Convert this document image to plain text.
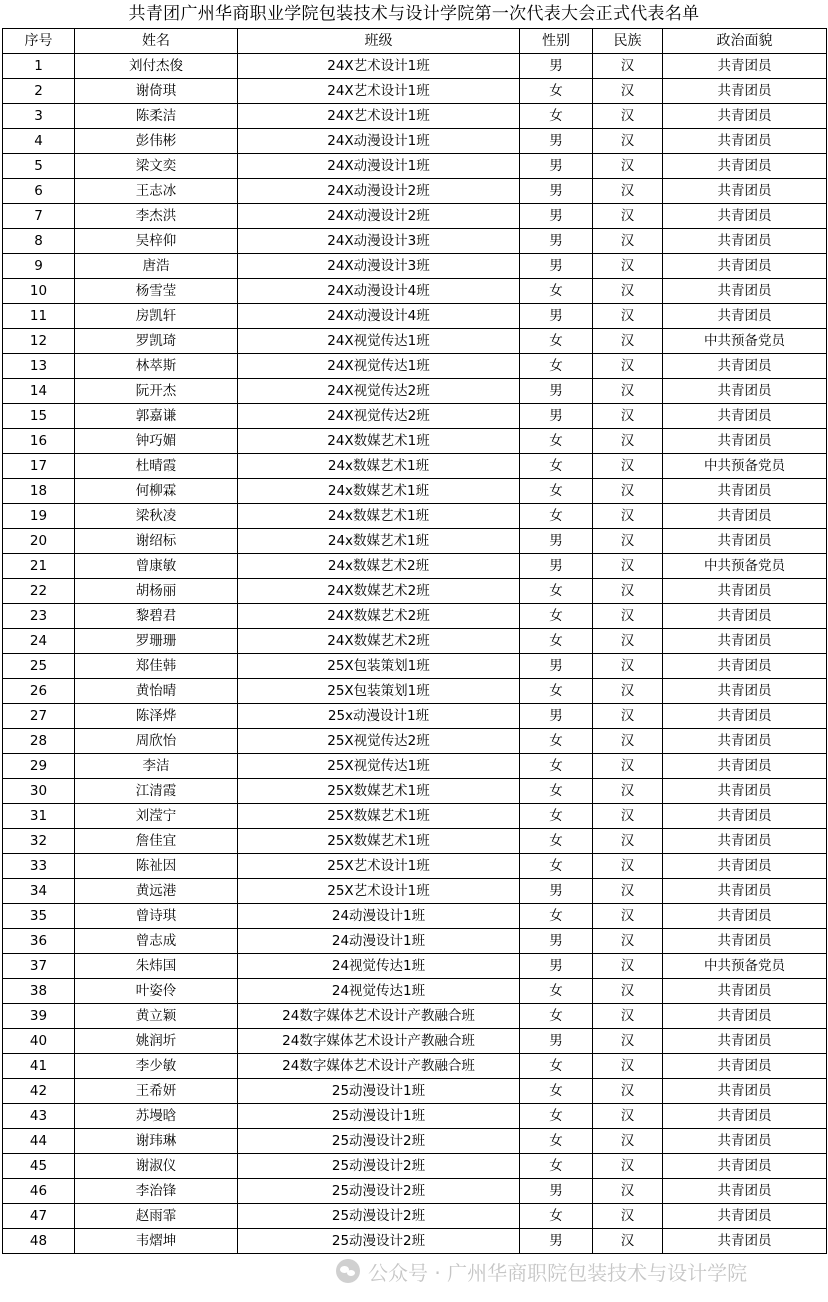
共青团广州华商职业学院包装技术与设计学院第一次代表大会正式代表名单
序号	姓名	班级	性别	民族	政治面貌
1	刘付杰俊	24X艺术设计1班	男	汉	共青团员
2	谢倚琪	24X艺术设计1班	女	汉	共青团员
3	陈柔洁	24X艺术设计1班	女	汉	共青团员
4	彭伟彬	24X动漫设计1班	男	汉	共青团员
5	梁文奕	24X动漫设计1班	男	汉	共青团员
6	王志冰	24X动漫设计2班	男	汉	共青团员
7	李杰洪	24X动漫设计2班	男	汉	共青团员
8	吴梓仰	24X动漫设计3班	男	汉	共青团员
9	唐浩	24X动漫设计3班	男	汉	共青团员
10	杨雪莹	24X动漫设计4班	女	汉	共青团员
11	房凯轩	24X动漫设计4班	男	汉	共青团员
12	罗凯琦	24X视觉传达1班	女	汉	中共预备党员
13	林萃斯	24X视觉传达1班	女	汉	共青团员
14	阮开杰	24X视觉传达2班	男	汉	共青团员
15	郭嘉谦	24X视觉传达2班	男	汉	共青团员
16	钟巧媚	24X数媒艺术1班	女	汉	共青团员
17	杜晴霞	24x数媒艺术1班	女	汉	中共预备党员
18	何柳霖	24x数媒艺术1班	女	汉	共青团员
19	梁秋凌	24x数媒艺术1班	女	汉	共青团员
20	谢绍标	24x数媒艺术1班	男	汉	共青团员
21	曾康敏	24x数媒艺术2班	男	汉	中共预备党员
22	胡杨丽	24X数媒艺术2班	女	汉	共青团员
23	黎碧君	24X数媒艺术2班	女	汉	共青团员
24	罗珊珊	24X数媒艺术2班	女	汉	共青团员
25	郑佳韩	25X包装策划1班	男	汉	共青团员
26	黄怡晴	25X包装策划1班	女	汉	共青团员
27	陈泽烨	25x动漫设计1班	男	汉	共青团员
28	周欣怡	25X视觉传达2班	女	汉	共青团员
29	李洁	25X视觉传达1班	女	汉	共青团员
30	江清霞	25X数媒艺术1班	女	汉	共青团员
31	刘滢宁	25X数媒艺术1班	女	汉	共青团员
32	詹佳宜	25X数媒艺术1班	女	汉	共青团员
33	陈祉因	25X艺术设计1班	女	汉	共青团员
34	黄远港	25X艺术设计1班	男	汉	共青团员
35	曾诗琪	24动漫设计1班	女	汉	共青团员
36	曾志成	24动漫设计1班	男	汉	共青团员
37	朱炜国	24视觉传达1班	男	汉	中共预备党员
38	叶姿伶	24视觉传达1班	女	汉	共青团员
39	黄立颖	24数字媒体艺术设计产教融合班	女	汉	共青团员
40	姚润圻	24数字媒体艺术设计产教融合班	男	汉	共青团员
41	李少敏	24数字媒体艺术设计产教融合班	女	汉	共青团员
42	王希妍	25动漫设计1班	女	汉	共青团员
43	苏墁晗	25动漫设计1班	女	汉	共青团员
44	谢玮琳	25动漫设计2班	女	汉	共青团员
45	谢淑仪	25动漫设计2班	女	汉	共青团员
46	李治锋	25动漫设计2班	男	汉	共青团员
47	赵雨霏	25动漫设计2班	女	汉	共青团员
48	韦熠坤	25动漫设计2班	男	汉	共青团员
公众号 · 广州华商职院包装技术与设计学院
